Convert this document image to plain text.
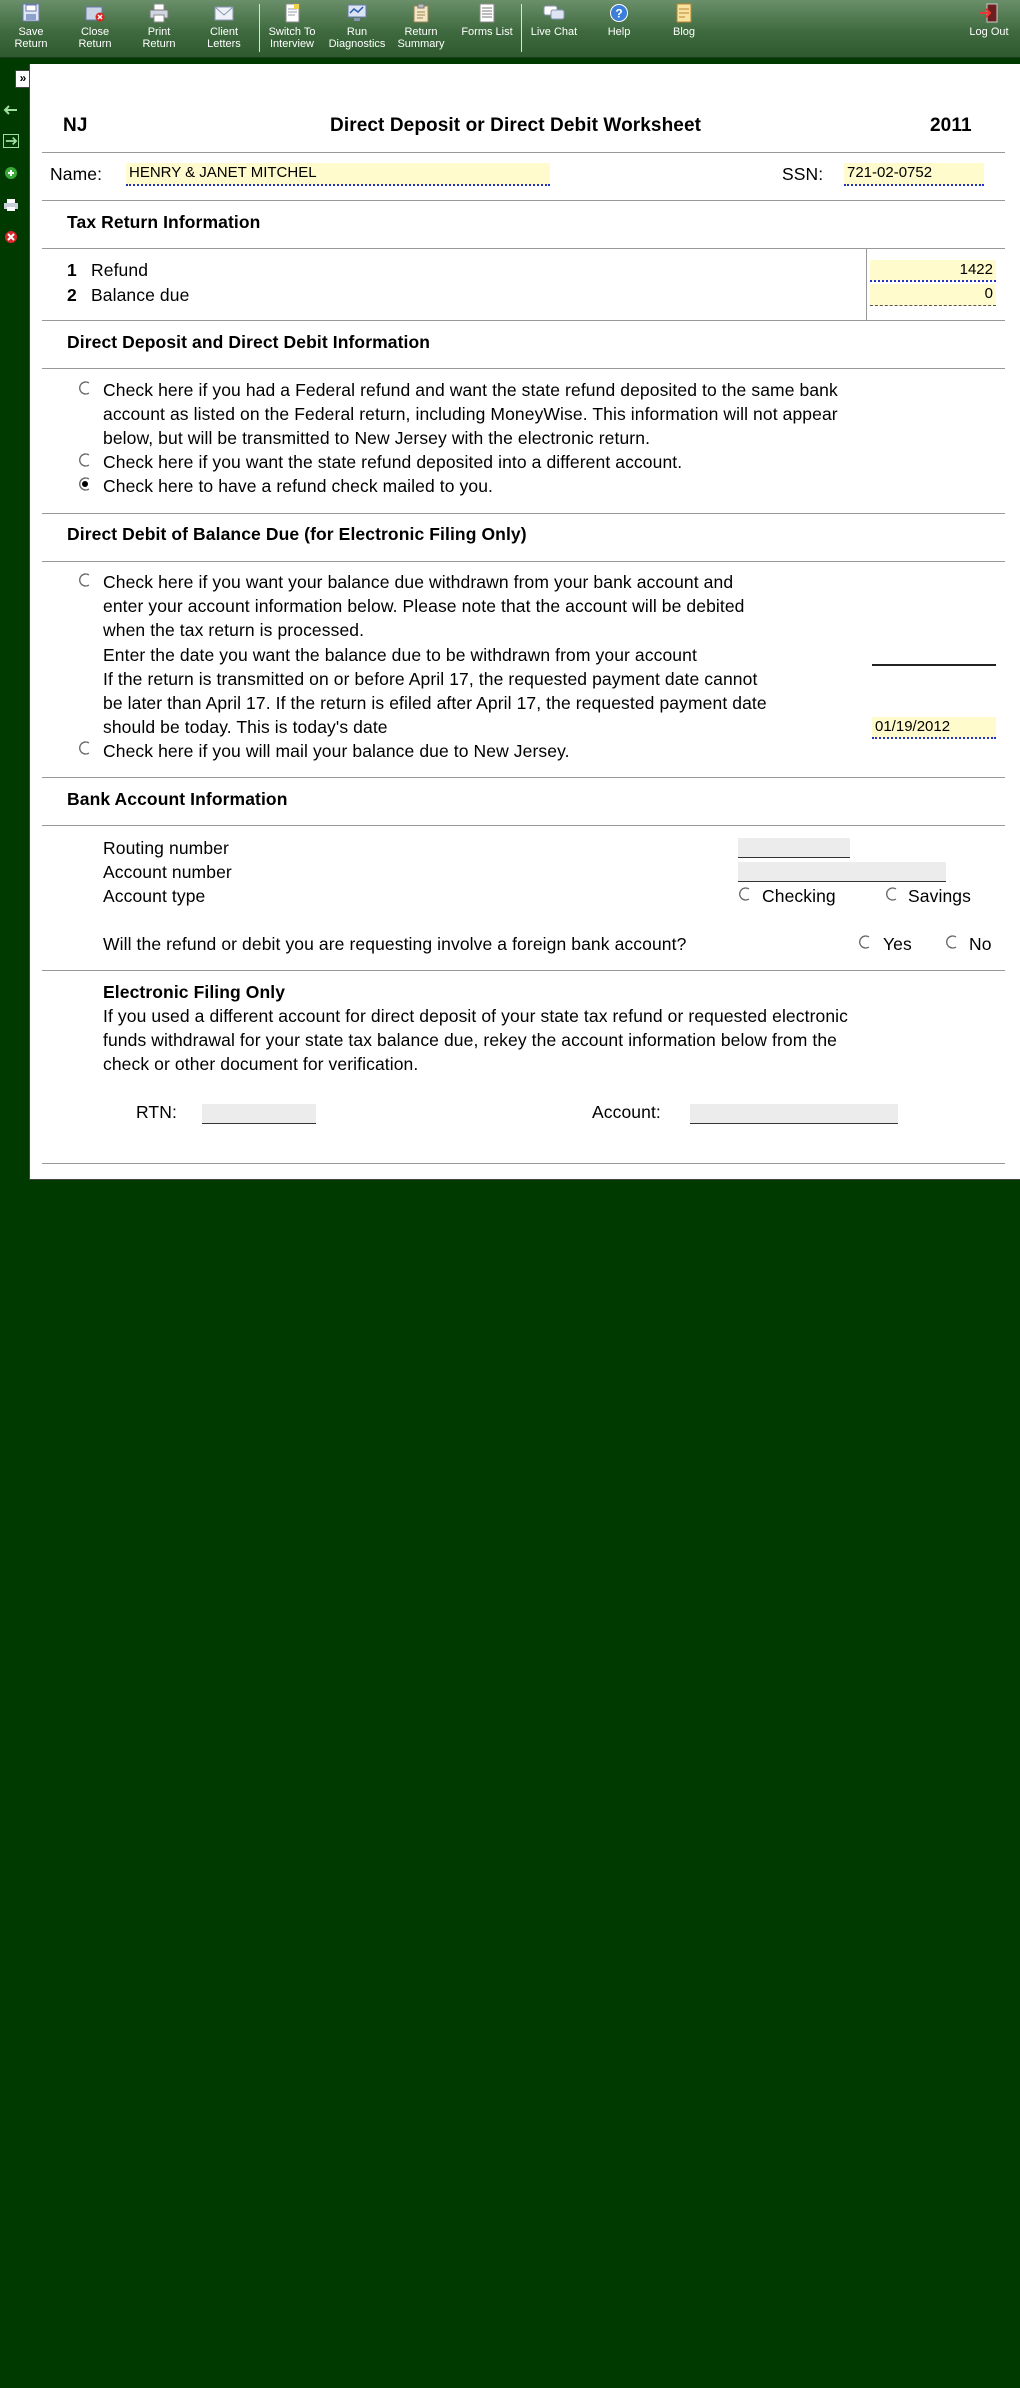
Save
Return
Close
Return
Print
Return
Client
Letters
Switch To
Interview
Run
Diagnostics
Return
Summary
Forms List	Live Chat
?
Help	Blog	Log Out
»
NJ	Direct Deposit or Direct Debit Worksheet	2011
Name: HENRY & JANET MITCHEL	SSN: 721-02-0752
Tax Return Information
1 Refund	1422
2 Balance due	0
Direct Deposit and Direct Debit Information
Check here if you had a Federal refund and want the state refund deposited to the same bank
account as listed on the Federal return, including MoneyWise. This information will not appear
below, but will be transmitted to New Jersey with the electronic return.
Check here if you want the state refund deposited into a different account.
Check here to have a refund check mailed to you.
Direct Debit of Balance Due (for Electronic Filing Only)
Check here if you want your balance due withdrawn from your bank account and
enter your account information below. Please note that the account will be debited
when the tax return is processed.
Enter the date you want the balance due to be withdrawn from your account
If the return is transmitted on or before April 17, the requested payment date cannot
be later than April 17. If the return is efiled after April 17, the requested payment date
should be today. This is today's date	01/19/2012
Check here if you will mail your balance due to New Jersey.
Bank Account Information
Routing number
Account number
Account type	Checking	Savings
Will the refund or debit you are requesting involve a foreign bank account?	Yes	No
Electronic Filing Only
If you used a different account for direct deposit of your state tax refund or requested electronic
funds withdrawal for your state tax balance due, rekey the account information below from the
check or other document for verification.
RTN:	Account:
